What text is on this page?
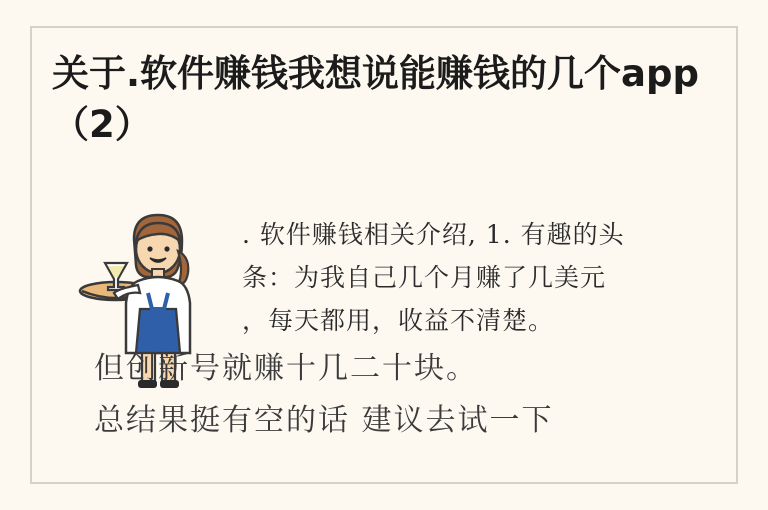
关于.软件赚钱我想说能赚钱的几个app（2）
. 软件赚钱相关介绍, 1. 有趣的头
条：为我自己几个月赚了几美元
，每天都用，收益不清楚。
但创新号就赚十几二十块。
总结果挺有空的话 建议去试一下
